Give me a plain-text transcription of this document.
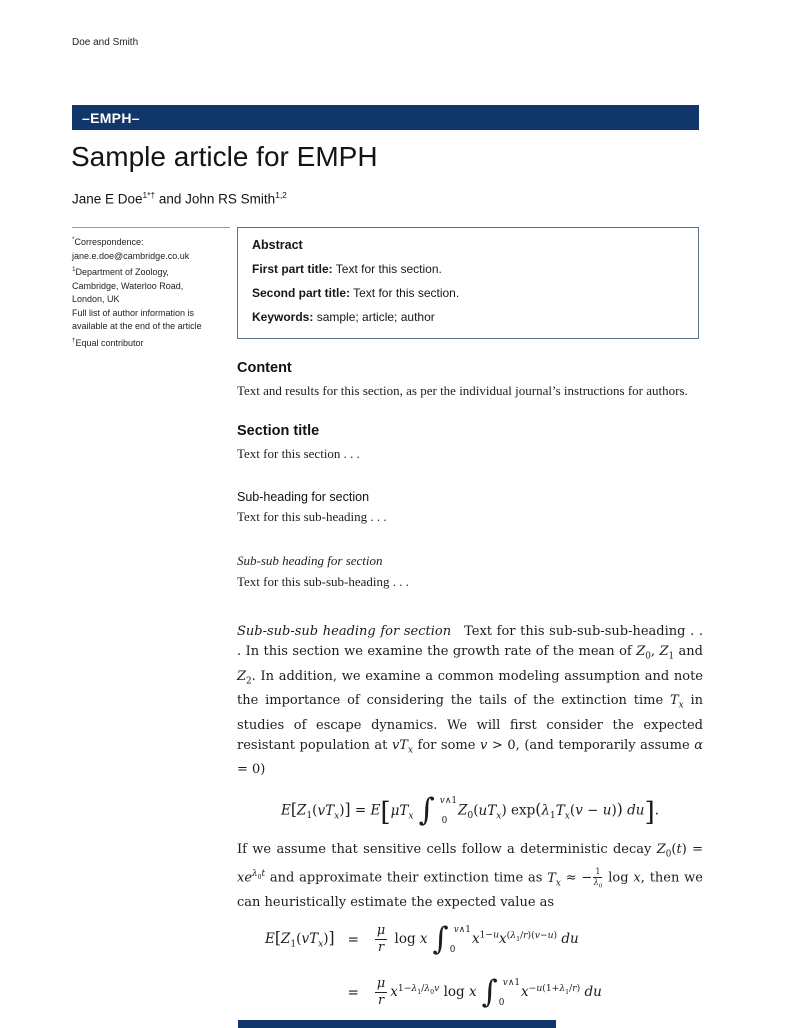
Doe and Smith
–EMPH–
Sample article for EMPH
Jane E Doe$^{1*\dagger}$ and John RS Smith$^{1,2}$
*Correspondence:
jane.e.doe@cambridge.co.uk
$^1$Department of Zoology,
Cambridge, Waterloo Road,
London, UK
Full list of author information is
available at the end of the article
†Equal contributor
Abstract

First part title: Text for this section.

Second part title: Text for this section.

Keywords: sample; article; author

Content

Text and results for this section, as per the individual journal’s instructions for authors.

Section title

Text for this section . . .

Sub-heading for section

Text for this sub-heading . . .

Sub-sub heading for section

Text for this sub-sub-heading . . .

Sub-sub-sub heading for section Text for this sub-sub-sub-heading . . . In this section we examine the growth rate of the mean of $Z_0$, $Z_1$ and $Z_2$. In addition, we examine a common modeling assumption and note the importance of considering the tails of the extinction time $T_x$ in studies of escape dynamics. We will first consider the expected resistant population at $vT_x$ for some v > 0, (and temporarily assume α = 0)

$E[Z_1(vT_x)] = E[\mu T_x$ ∫ v∧1
0
$Z_0(uT_x) \exp(\lambda_1T_x(v - u))$ du].

If we assume that sensitive cells follow a deterministic decay $Z_0(t) = xe^{\lambda_0t}$ and approximate their extinction time as $T_x$ ≈ − $\frac{1}{\lambda_0}$ log x, then we can heuristically estimate the expected value as

$E[Z_1(vT_x)] = \frac{\mu}{r}$ log x ∫ v∧1
0
$x^{1-u}x^{(\lambda_1/r)(v-u)}$ du
= $\frac{\mu}{r} x^{1-\lambda_1/\lambda_0v}$ log x ∫ v∧1
0
$x^{-u(1+\lambda_1/r)}$ du
